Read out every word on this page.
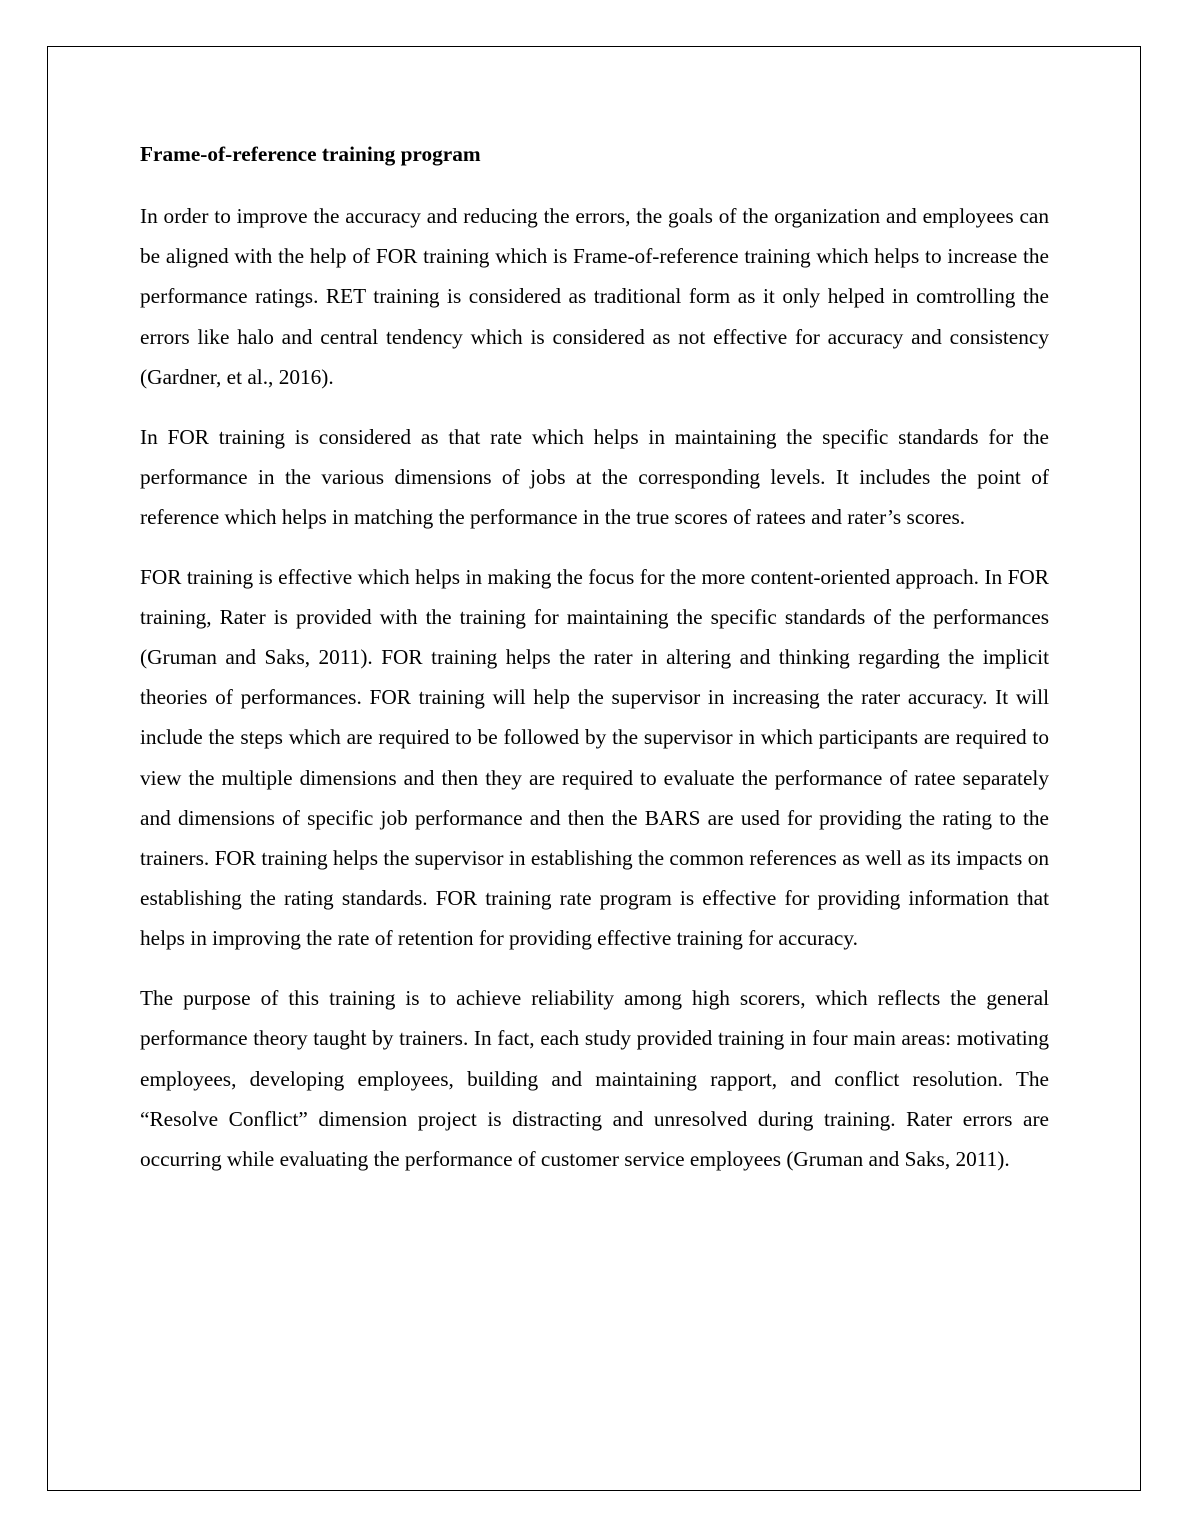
Frame-of-reference training program

In order to improve the accuracy and reducing the errors, the goals of the organization and employees can be aligned with the help of FOR training which is Frame-of-reference training which helps to increase the performance ratings. RET training is considered as traditional form as it only helped in comtrolling the errors like halo and central tendency which is considered as not effective for accuracy and consistency (Gardner, et al., 2016).

In FOR training is considered as that rate which helps in maintaining the specific standards for the performance in the various dimensions of jobs at the corresponding levels. It includes the point of reference which helps in matching the performance in the true scores of ratees and rater’s scores.

FOR training is effective which helps in making the focus for the more content-oriented approach. In FOR training, Rater is provided with the training for maintaining the specific standards of the performances (Gruman and Saks, 2011). FOR training helps the rater in altering and thinking regarding the implicit theories of performances. FOR training will help the supervisor in increasing the rater accuracy. It will include the steps which are required to be followed by the supervisor in which participants are required to view the multiple dimensions and then they are required to evaluate the performance of ratee separately and dimensions of specific job performance and then the BARS are used for providing the rating to the trainers. FOR training helps the supervisor in establishing the common references as well as its impacts on establishing the rating standards. FOR training rate program is effective for providing information that helps in improving the rate of retention for providing effective training for accuracy.

The purpose of this training is to achieve reliability among high scorers, which reflects the general performance theory taught by trainers. In fact, each study provided training in four main areas: motivating employees, developing employees, building and maintaining rapport, and conflict resolution. The “Resolve Conflict” dimension project is distracting and unresolved during training. Rater errors are occurring while evaluating the performance of customer service employees (Gruman and Saks, 2011).
